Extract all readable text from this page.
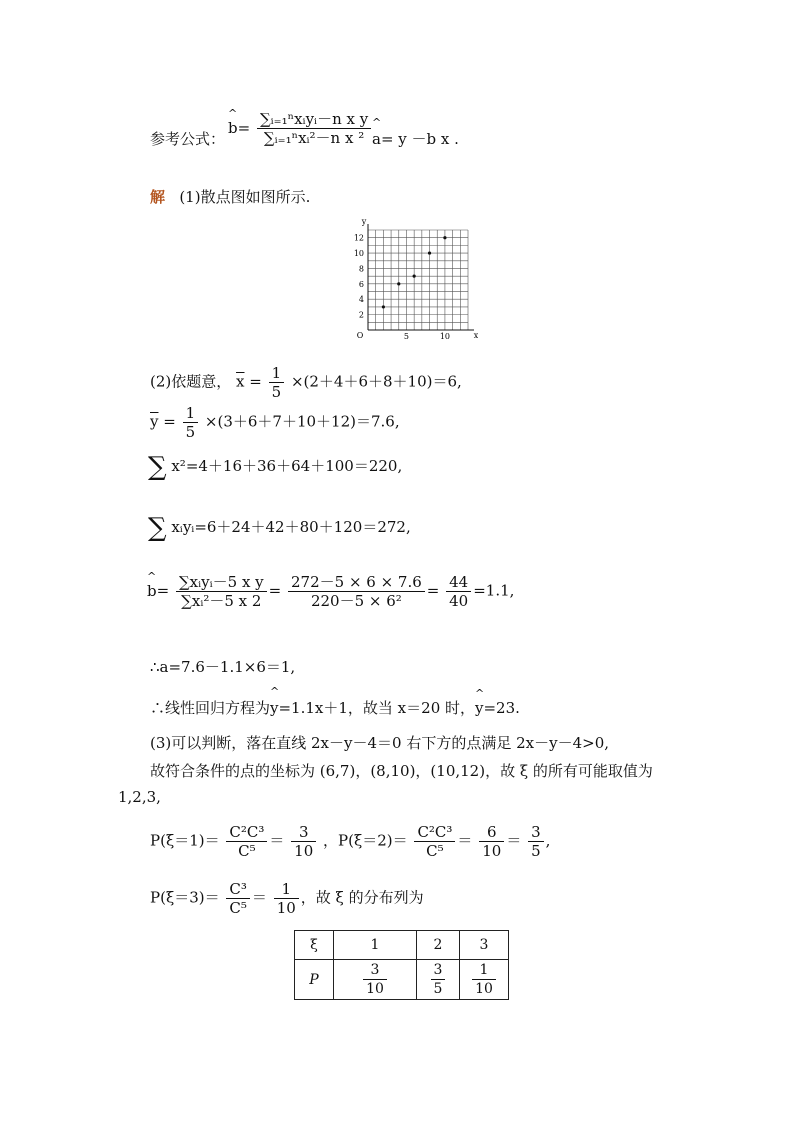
参考公式：
^ $b= \frac{\text{∑ᵢ₌₁ⁿxᵢyᵢ－n x y}}{\text{∑ᵢ₌₁ⁿxᵢ²－n x ²}}$ ^ a= y －b x .
解 (1)散点图如图所示.
O	x
y
5	10
2
4
6
8
10
12
(2)依题意， $\overline{x} = \frac{1}{5} \times(2+4+6+8+10)=6$,
$\overline{y} = \frac{1}{5} \times(3+6+7+10+12)=7.6$,
∑ x²=4＋16＋36＋64＋100＝220,
∑ xᵢyᵢ=6＋24＋42＋80＋120＝272,
^ $b= \frac{\text{∑xᵢyᵢ－5 x y}}{\text{∑xᵢ²－5 x 2}} = \frac{272-5 \times 6 \times 7.6}{\text{220－5 × 6²}} = \frac{44}{40} =1.1$,
∴a=7.6－1.1×6＝1,
∴线性回归方程为^ y=1.1x＋1，故当 x＝20 时，^ y=23.
(3)可以判断，落在直线 2x－y－4＝0 右下方的点满足 2x－y－4>0,
故符合条件的点的坐标为 (6,7)，(8,10)，(10,12)，故 ξ 的所有可能取值为
1,2,3,
$P(\xi=1)= \frac{\text{C²C³}}{\text{C⁵}} = \frac{3}{10}$ ，$P(\xi=2)= \frac{\text{C²C³}}{\text{C⁵}} = \frac{6}{10} = \frac{3}{5}$ ,
$P(\xi=3)= \frac{\text{C³}}{\text{C⁵}} = \frac{1}{10}$ ，故 ξ 的分布列为
ξ	1	2	3
P	$\frac{3}{10}$	$\frac{3}{5}$	$\frac{1}{10}$
